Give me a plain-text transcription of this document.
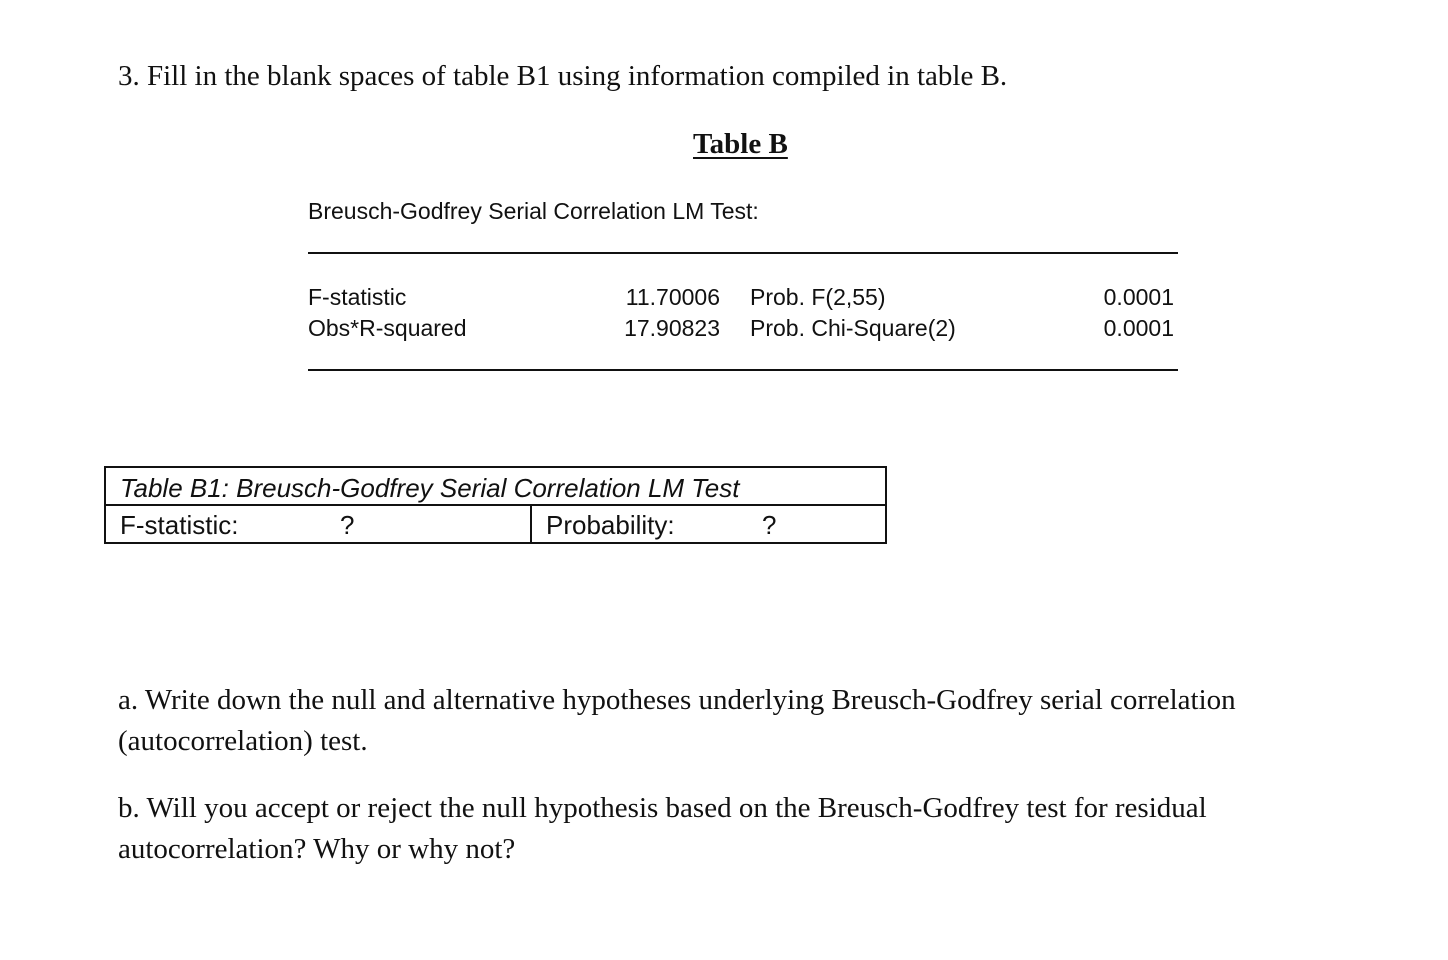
3. Fill in the blank spaces of table B1 using information compiled in table B.
Table B
Breusch-Godfrey Serial Correlation LM Test:
F-statistic	11.70006 Prob. F(2,55)	0.0001
Obs*R-squared	17.90823 Prob. Chi-Square(2)	0.0001
Table B1: Breusch-Godfrey Serial Correlation LM Test
F-statistic:	?	Probability:	?
a. Write down the null and alternative hypotheses underlying Breusch-Godfrey serial correlation (autocorrelation) test.
b. Will you accept or reject the null hypothesis based on the Breusch-Godfrey test for residual autocorrelation? Why or why not?
